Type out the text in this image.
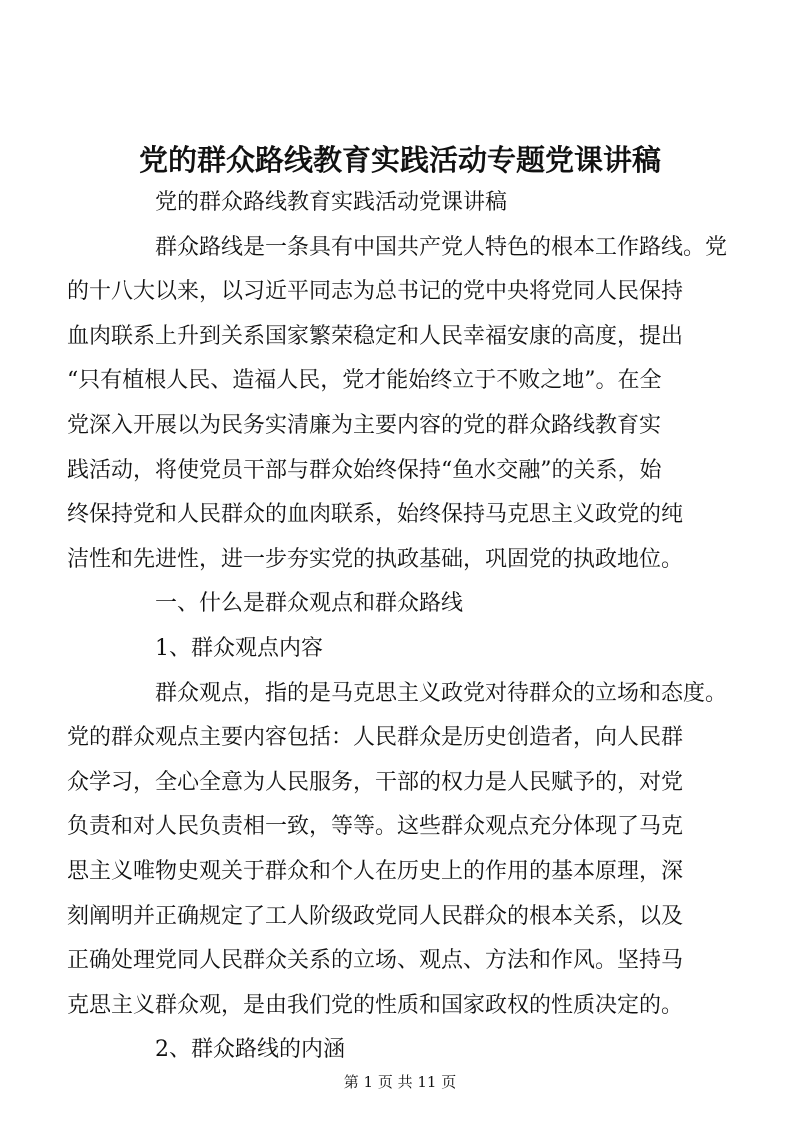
党的群众路线教育实践活动专题党课讲稿

党的群众路线教育实践活动党课讲稿

群众路线是一条具有中国共产党人特色的根本工作路线。党
的十八大以来，以习近平同志为总书记的党中央将党同人民保持
血肉联系上升到关系国家繁荣稳定和人民幸福安康的高度，提出
“只有植根人民、造福人民，党才能始终立于不败之地”。在全
党深入开展以为民务实清廉为主要内容的党的群众路线教育实
践活动，将使党员干部与群众始终保持“鱼水交融”的关系，始
终保持党和人民群众的血肉联系，始终保持马克思主义政党的纯
洁性和先进性，进一步夯实党的执政基础，巩固党的执政地位。

一、什么是群众观点和群众路线

1、群众观点内容

群众观点，指的是马克思主义政党对待群众的立场和态度。
党的群众观点主要内容包括：人民群众是历史创造者，向人民群
众学习，全心全意为人民服务，干部的权力是人民赋予的，对党
负责和对人民负责相一致，等等。这些群众观点充分体现了马克
思主义唯物史观关于群众和个人在历史上的作用的基本原理，深
刻阐明并正确规定了工人阶级政党同人民群众的根本关系，以及
正确处理党同人民群众关系的立场、观点、方法和作风。坚持马
克思主义群众观，是由我们党的性质和国家政权的性质决定的。

2、群众路线的内涵

第 1 页 共 11 页
